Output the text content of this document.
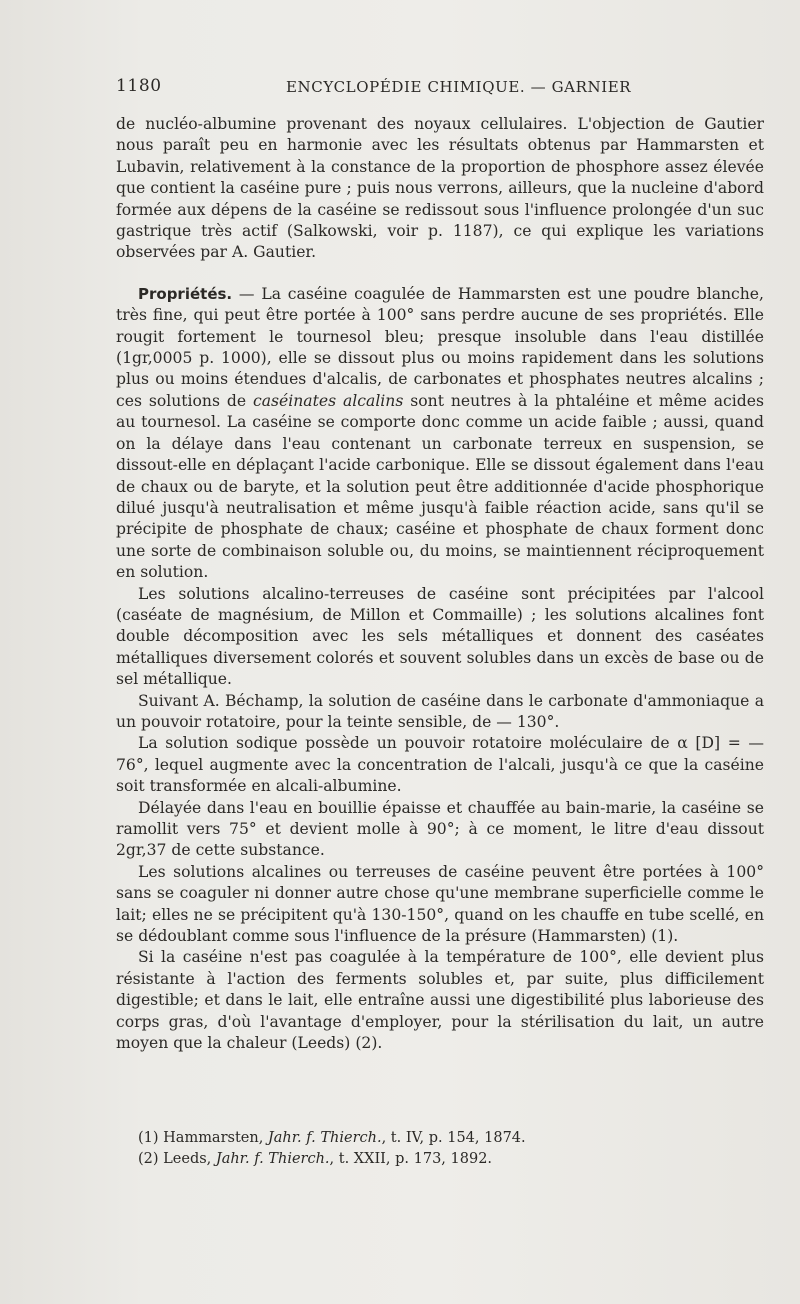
1180	ENCYCLOPÉDIE CHIMIQUE. — GARNIER

de nucléo-albumine provenant des noyaux cellulaires. L'objection de Gautier nous paraît peu en harmonie avec les résultats obtenus par Hammarsten et Lubavin, relativement à la constance de la proportion de phosphore assez élevée que contient la caséine pure ; puis nous verrons, ailleurs, que la nucleine d'abord formée aux dépens de la caséine se redissout sous l'influence prolongée d'un suc gastrique très actif (Salkowski, voir p. 1187), ce qui explique les variations observées par A. Gautier.

Propriétés. — La caséine coagulée de Hammarsten est une poudre blanche, très fine, qui peut être portée à 100° sans perdre aucune de ses propriétés. Elle rougit fortement le tournesol bleu; presque insoluble dans l'eau distillée (1gr,0005 p. 1000), elle se dissout plus ou moins rapidement dans les solutions plus ou moins étendues d'alcalis, de carbonates et phosphates neutres alcalins ; ces solutions de caséinates alcalins sont neutres à la phtaléine et même acides au tournesol. La caséine se comporte donc comme un acide faible ; aussi, quand on la délaye dans l'eau contenant un carbonate terreux en suspension, se dissout-elle en déplaçant l'acide carbonique. Elle se dissout également dans l'eau de chaux ou de baryte, et la solution peut être additionnée d'acide phosphorique dilué jusqu'à neutralisation et même jusqu'à faible réaction acide, sans qu'il se précipite de phosphate de chaux; caséine et phosphate de chaux forment donc une sorte de combinaison soluble ou, du moins, se maintiennent réciproquement en solution.

Les solutions alcalino-terreuses de caséine sont précipitées par l'alcool (caséate de magnésium, de Millon et Commaille) ; les solutions alcalines font double décomposition avec les sels métalliques et donnent des caséates métalliques diversement colorés et souvent solubles dans un excès de base ou de sel métallique.

Suivant A. Béchamp, la solution de caséine dans le carbonate d'ammoniaque a un pouvoir rotatoire, pour la teinte sensible, de — 130°.

La solution sodique possède un pouvoir rotatoire moléculaire de α [D] = — 76°, lequel augmente avec la concentration de l'alcali, jusqu'à ce que la caséine soit transformée en alcali-albumine.

Délayée dans l'eau en bouillie épaisse et chauffée au bain-marie, la caséine se ramollit vers 75° et devient molle à 90°; à ce moment, le litre d'eau dissout 2gr,37 de cette substance.

Les solutions alcalines ou terreuses de caséine peuvent être portées à 100° sans se coaguler ni donner autre chose qu'une membrane superficielle comme le lait; elles ne se précipitent qu'à 130-150°, quand on les chauffe en tube scellé, en se dédoublant comme sous l'influence de la présure (Hammarsten) (1).

Si la caséine n'est pas coagulée à la température de 100°, elle devient plus résistante à l'action des ferments solubles et, par suite, plus difficilement digestible; et dans le lait, elle entraîne aussi une digestibilité plus laborieuse des corps gras, d'où l'avantage d'employer, pour la stérilisation du lait, un autre moyen que la chaleur (Leeds) (2).

(1) Hammarsten, Jahr. f. Thierch., t. IV, p. 154, 1874.
(2) Leeds, Jahr. f. Thierch., t. XXII, p. 173, 1892.
